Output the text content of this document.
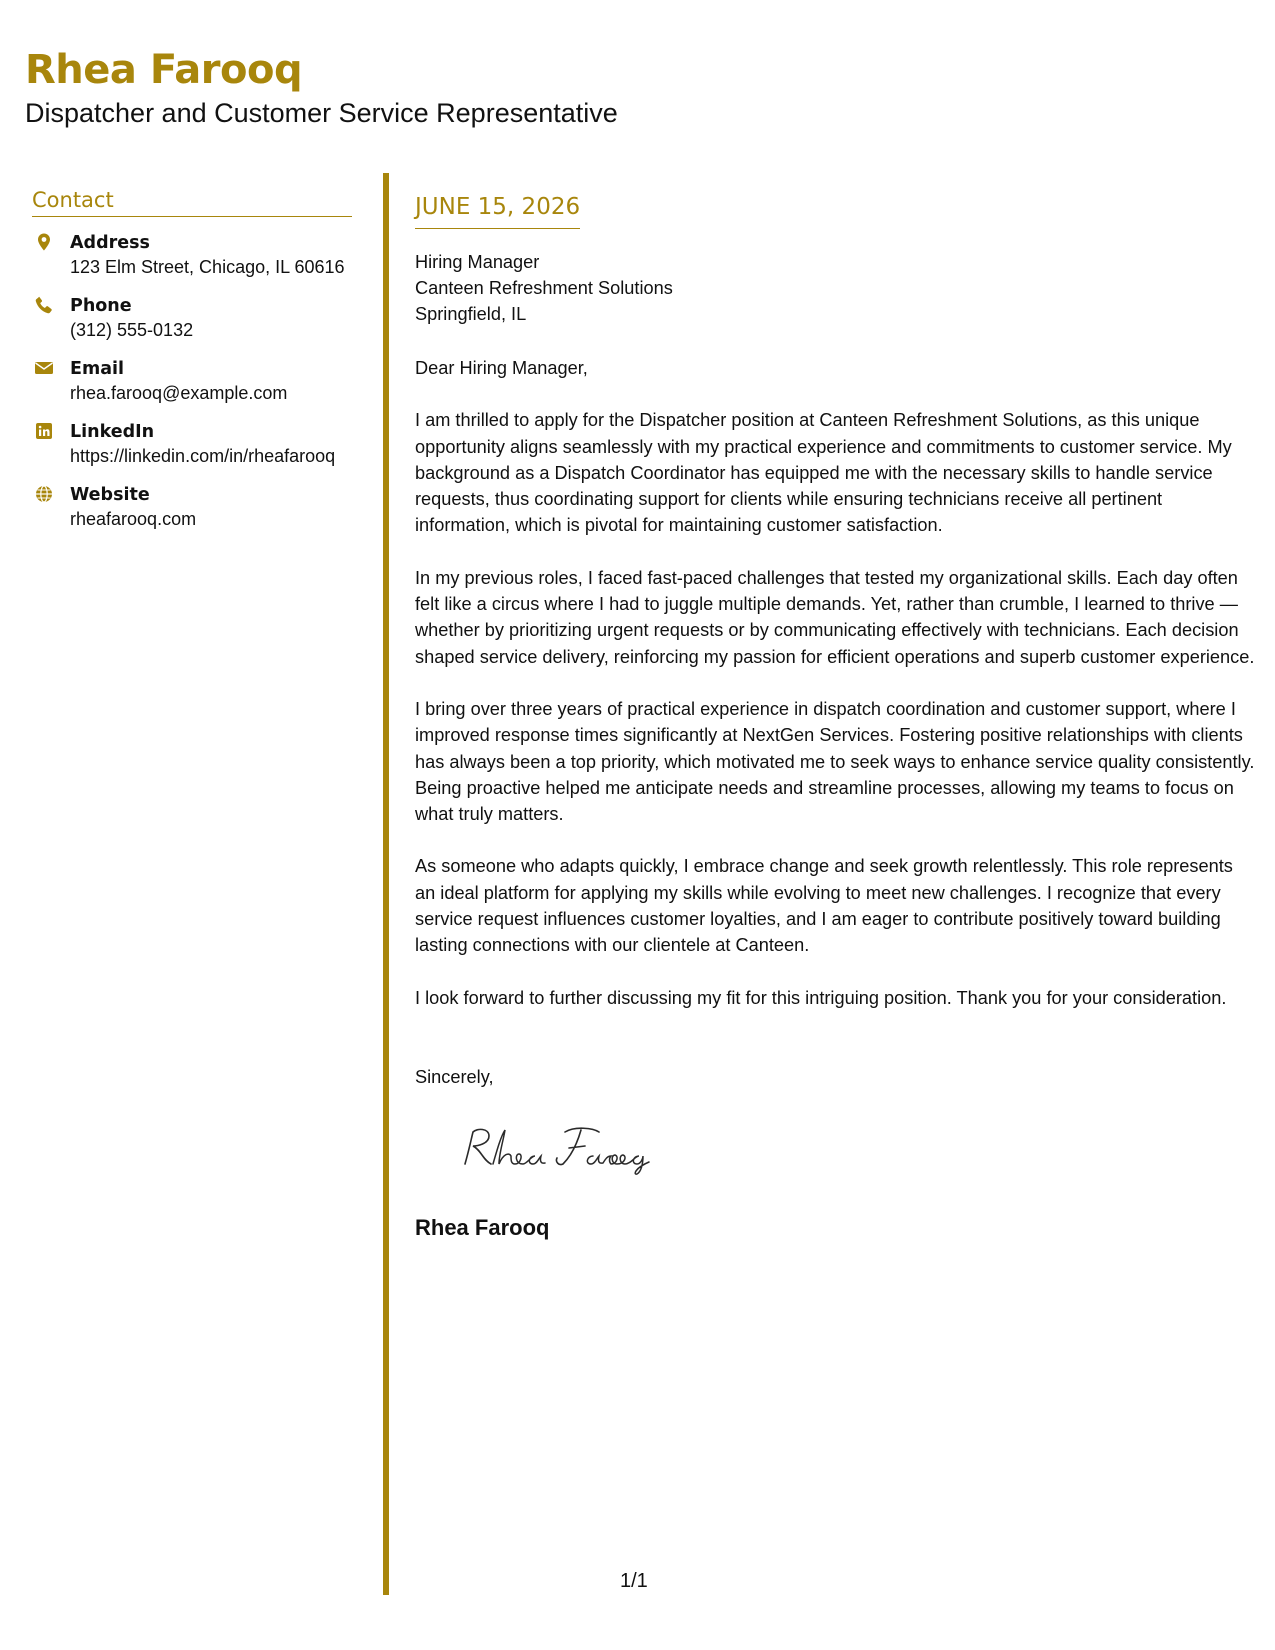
Rhea Farooq
Dispatcher and Customer Service Representative
Contact
Address
123 Elm Street, Chicago, IL 60616
Phone
(312) 555-0132
Email
rhea.farooq@example.com
LinkedIn
https://linkedin.com/in/rheafarooq
Website
rheafarooq.com
JUNE 15, 2026
Hiring Manager
Canteen Refreshment Solutions
Springfield, IL
Dear Hiring Manager,
I am thrilled to apply for the Dispatcher position at Canteen Refreshment Solutions, as this unique opportunity aligns seamlessly with my practical experience and commitments to customer service. My background as a Dispatch Coordinator has equipped me with the necessary skills to handle service requests, thus coordinating support for clients while ensuring technicians receive all pertinent information, which is pivotal for maintaining customer satisfaction.
In my previous roles, I faced fast-paced challenges that tested my organizational skills. Each day often felt like a circus where I had to juggle multiple demands. Yet, rather than crumble, I learned to thrive — whether by prioritizing urgent requests or by communicating effectively with technicians. Each decision shaped service delivery, reinforcing my passion for efficient operations and superb customer experience.
I bring over three years of practical experience in dispatch coordination and customer support, where I improved response times significantly at NextGen Services. Fostering positive relationships with clients has always been a top priority, which motivated me to seek ways to enhance service quality consistently. Being proactive helped me anticipate needs and streamline processes, allowing my teams to focus on what truly matters.
As someone who adapts quickly, I embrace change and seek growth relentlessly. This role represents an ideal platform for applying my skills while evolving to meet new challenges. I recognize that every service request influences customer loyalties, and I am eager to contribute positively toward building lasting connections with our clientele at Canteen.
I look forward to further discussing my fit for this intriguing position. Thank you for your consideration.
Sincerely,
Rhea Farooq
1/1
